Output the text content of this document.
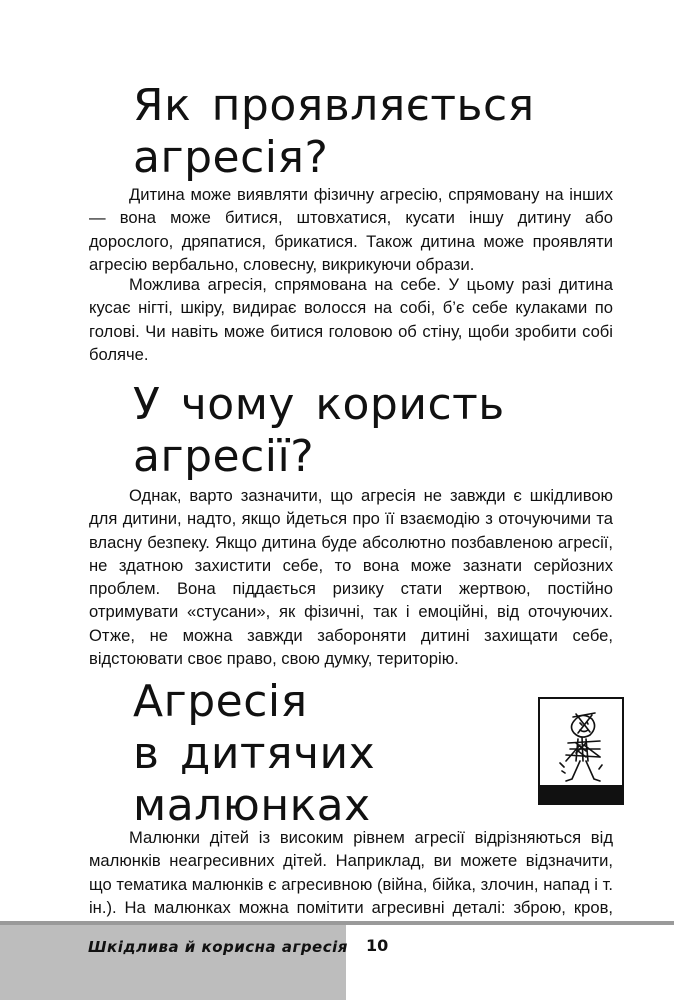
Як проявляється
агресія?

Дитина може виявляти фізичну агресію, спрямовану на інших — вона може битися, штовхатися, кусати іншу дитину або дорослого, дряпатися, брикатися. Також дитина може проявляти агресію вербально, словесну, викрикуючи образи.

Можлива агресія, спрямована на себе. У цьому разі дитина кусає нігті, шкіру, видирає волосся на собі, б’є себе кулаками по голові. Чи навіть може битися головою об стіну, щоби зробити собі боляче.

У чому користь
агресії?

Однак, варто зазначити, що агресія не завжди є шкідливою для дитини, надто, якщо йдеться про її взаємодію з оточуючими та власну безпеку. Якщо дитина буде абсолютно позбавленою агресії, не здатною захистити себе, то вона може зазнати серйозних проблем. Вона піддається ризику стати жертвою, постійно отримувати «стусани», як фізичні, так і емоційні, від оточуючих. Отже, не можна завжди забороняти дитині захищати себе, відстоювати своє право, свою думку, територію.

Агресія
в дитячих
малюнках

Малюнки дітей із високим рівнем агресії відрізняються від малюнків неагресивних дітей. Наприклад, ви можете відзначити, що тематика малюнків є агресивною (війна, бійка, злочин, напад і т. ін.). На малюнках можна помітити агресивні деталі: зброю, кров,

Шкідлива й корисна агресія 10
